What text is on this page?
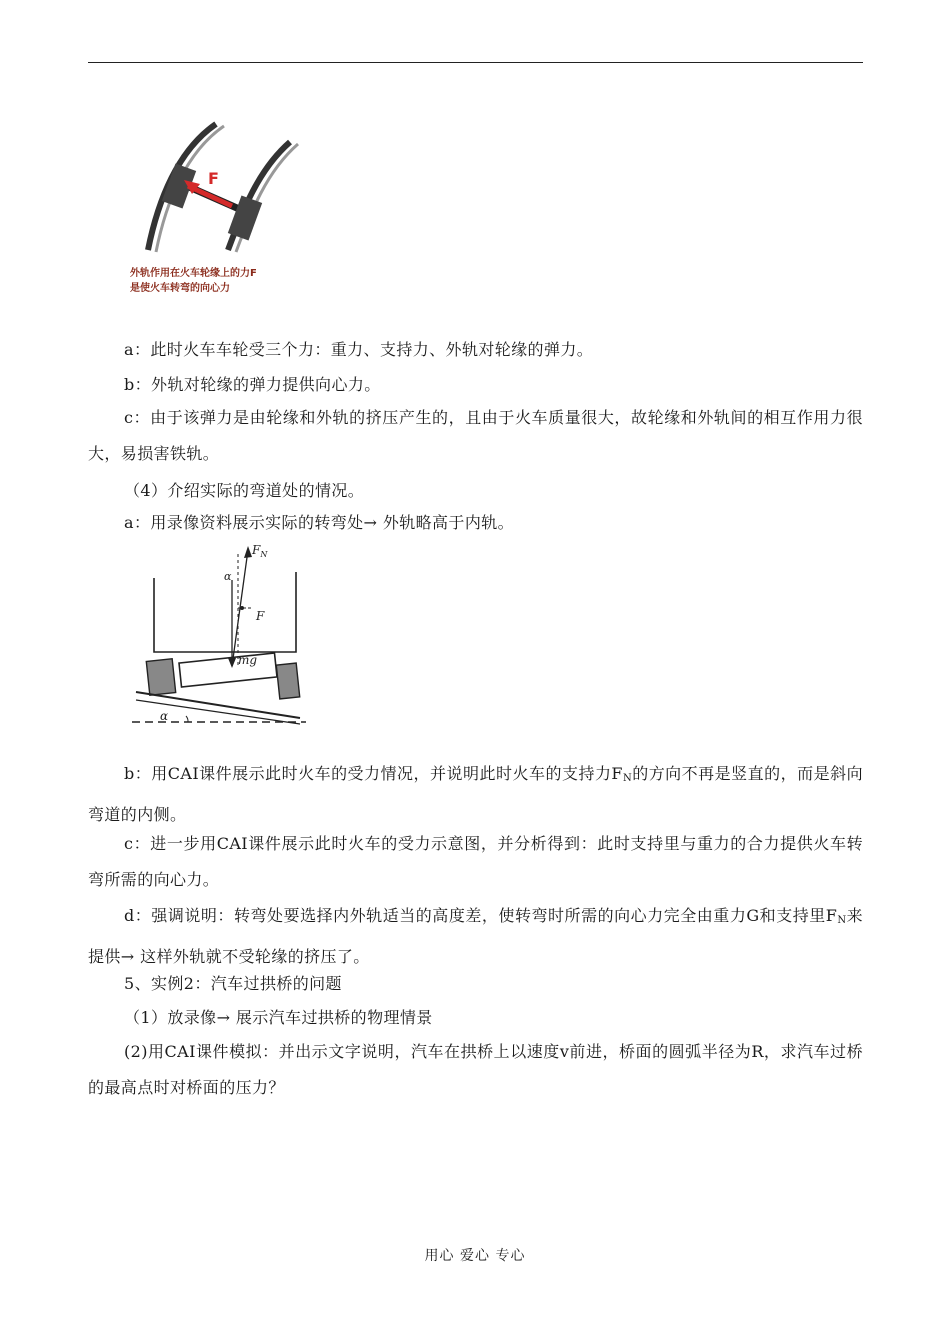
F
外轨作用在火车轮缘上的力F
是使火车转弯的向心力
a：此时火车车轮受三个力：重力、支持力、外轨对轮缘的弹力。
b：外轨对轮缘的弹力提供向心力。
c：由于该弹力是由轮缘和外轨的挤压产生的，且由于火车质量很大，故轮缘和外轨间的相互作用力很大，易损害铁轨。
（4）介绍实际的弯道处的情况。
a：用录像资料展示实际的转弯处→ 外轨略高于内轨。
α
$F_N$
α
F
mg
b：用CAI课件展示此时火车的受力情况，并说明此时火车的支持力$F_N$的方向不再是竖直的，而是斜向弯道的内侧。
c：进一步用CAI课件展示此时火车的受力示意图，并分析得到：此时支持里与重力的合力提供火车转弯所需的向心力。
d：强调说明：转弯处要选择内外轨适当的高度差，使转弯时所需的向心力完全由重力G和支持里$F_N$来提供→ 这样外轨就不受轮缘的挤压了。
5、实例2：汽车过拱桥的问题
（1）放录像→ 展示汽车过拱桥的物理情景
(2)用CAI课件模拟：并出示文字说明，汽车在拱桥上以速度v前进，桥面的圆弧半径为R，求汽车过桥的最高点时对桥面的压力？
用心 爱心 专心
